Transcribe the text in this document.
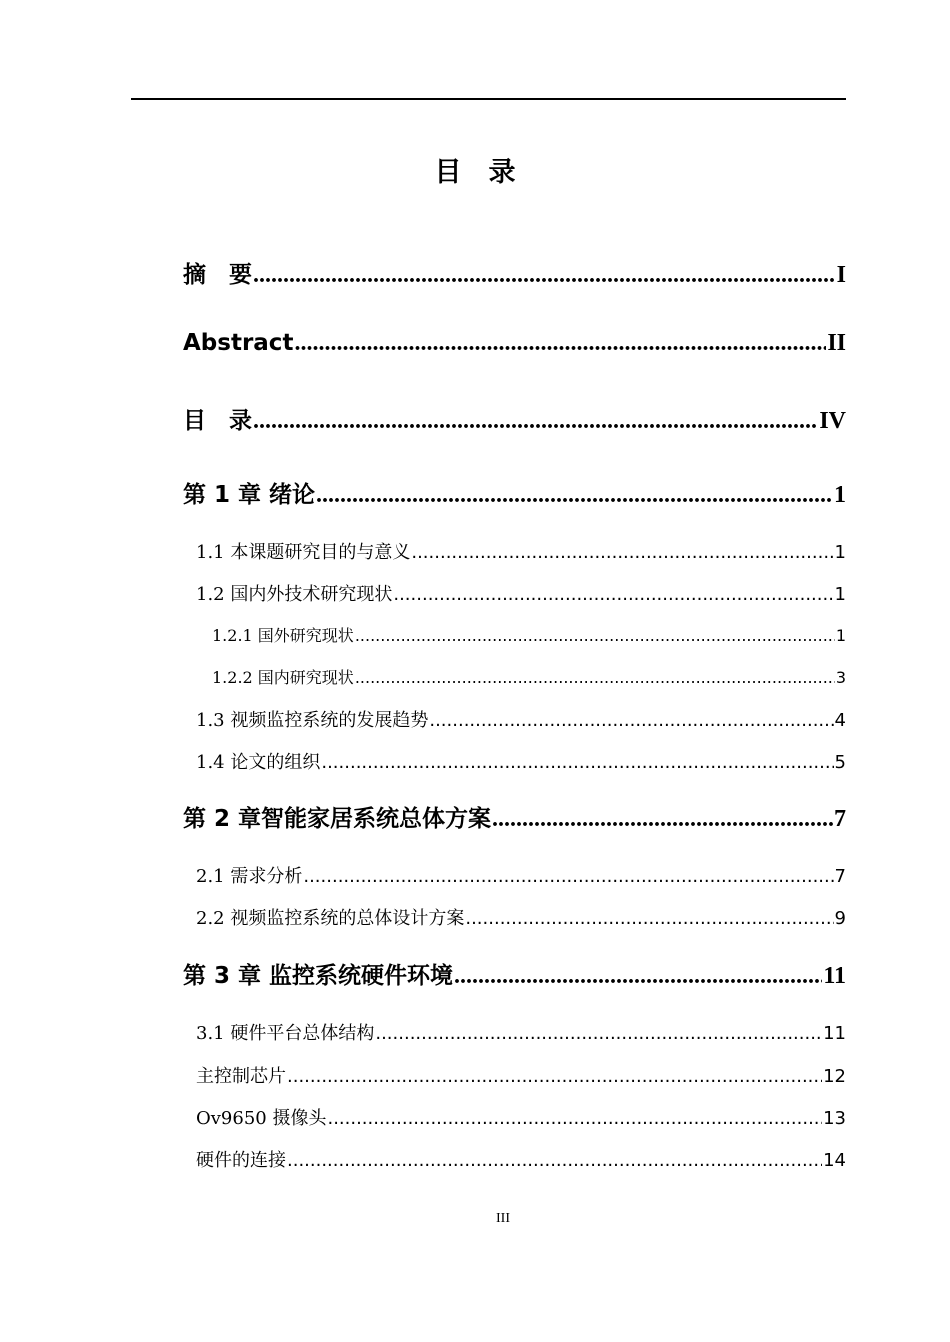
目　录
摘　要 .....	I
Abstract .....	II
目　录 .....	IV
第 1 章 绪论 .....	1
1.1 本课题研究目的与意义 .....	1
1.2 国内外技术研究现状 .....	1
1.2.1 国外研究现状 .....	1
1.2.2 国内研究现状 .....	3
1.3 视频监控系统的发展趋势 .....	4
1.4 论文的组织 .....	5
第 2 章智能家居系统总体方案 .....	7
2.1 需求分析 .....	7
2.2 视频监控系统的总体设计方案 .....	9
第 3 章 监控系统硬件环境 .....	11
3.1 硬件平台总体结构 .....	11
主控制芯片 .....	12
Ov9650 摄像头 .....	13
硬件的连接 .....	14
III
